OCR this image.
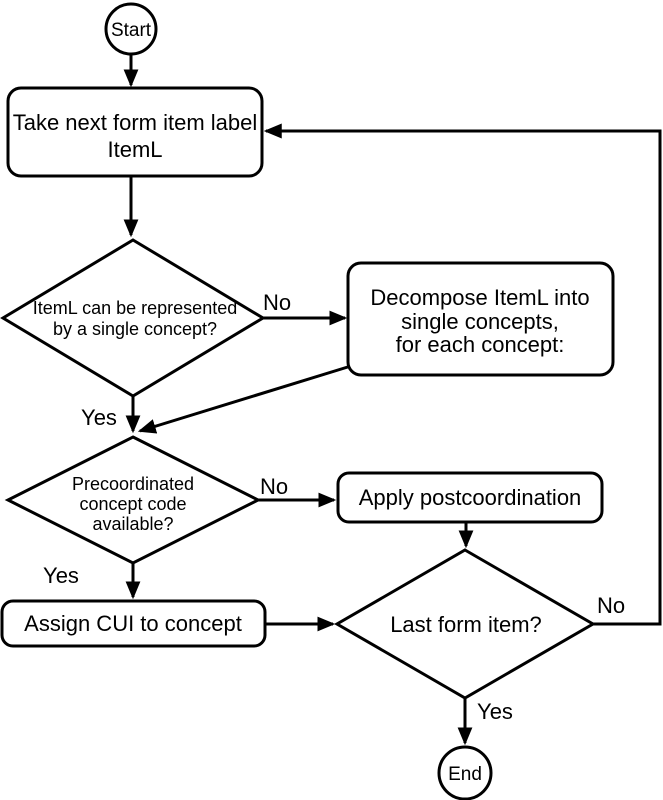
Start
Take next form item label
ItemL
ItemL can be represented
by a single concept?
Decompose ItemL into
single concepts,
for each concept:
Precoordinated
concept code
available?
Apply postcoordination
Assign CUI to concept	Last form item?
End
No
Yes
No
Yes
No
Yes
